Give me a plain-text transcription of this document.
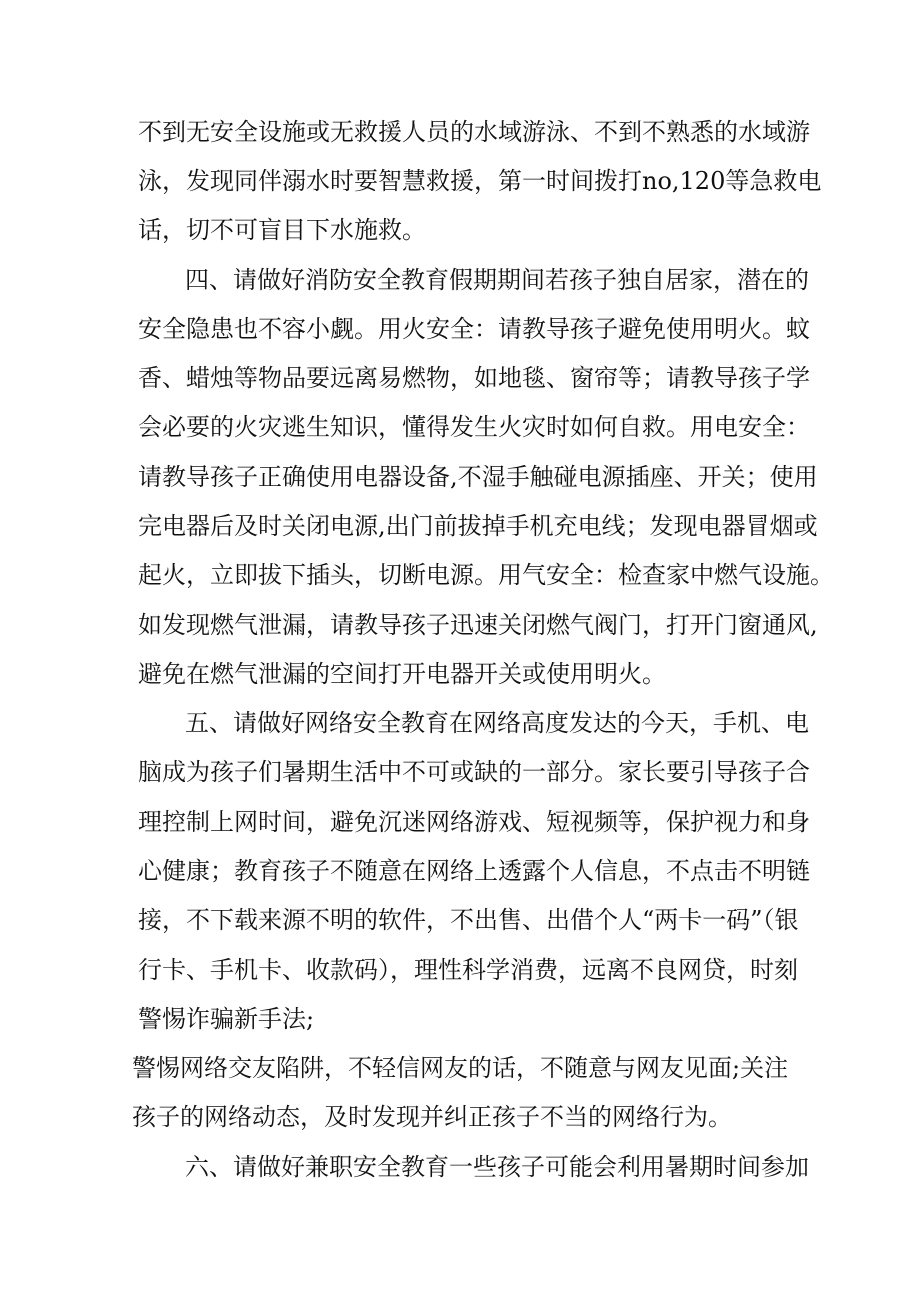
不到无安全设施或无救援人员的水域游泳、不到不熟悉的水域游
泳，发现同伴溺水时要智慧救援，第一时间拨打no,120等急救电
话，切不可盲目下水施救。
四、请做好消防安全教育假期期间若孩子独自居家，潜在的
安全隐患也不容小觑。用火安全：请教导孩子避免使用明火。蚊
香、蜡烛等物品要远离易燃物，如地毯、窗帘等；请教导孩子学
会必要的火灾逃生知识，懂得发生火灾时如何自救。用电安全：
请教导孩子正确使用电器设备,不湿手触碰电源插座、开关；使用
完电器后及时关闭电源,出门前拔掉手机充电线；发现电器冒烟或
起火，立即拔下插头，切断电源。用气安全：检查家中燃气设施。
如发现燃气泄漏，请教导孩子迅速关闭燃气阀门，打开门窗通风,
避免在燃气泄漏的空间打开电器开关或使用明火。
五、请做好网络安全教育在网络高度发达的今天，手机、电
脑成为孩子们暑期生活中不可或缺的一部分。家长要引导孩子合
理控制上网时间，避免沉迷网络游戏、短视频等，保护视力和身
心健康；教育孩子不随意在网络上透露个人信息，不点击不明链
接，不下载来源不明的软件，不出售、出借个人“两卡一码”（银
行卡、手机卡、收款码），理性科学消费，远离不良网贷，时刻
警惕诈骗新手法;
警惕网络交友陷阱，不轻信网友的话，不随意与网友见面;关注
孩子的网络动态，及时发现并纠正孩子不当的网络行为。
六、请做好兼职安全教育一些孩子可能会利用暑期时间参加
